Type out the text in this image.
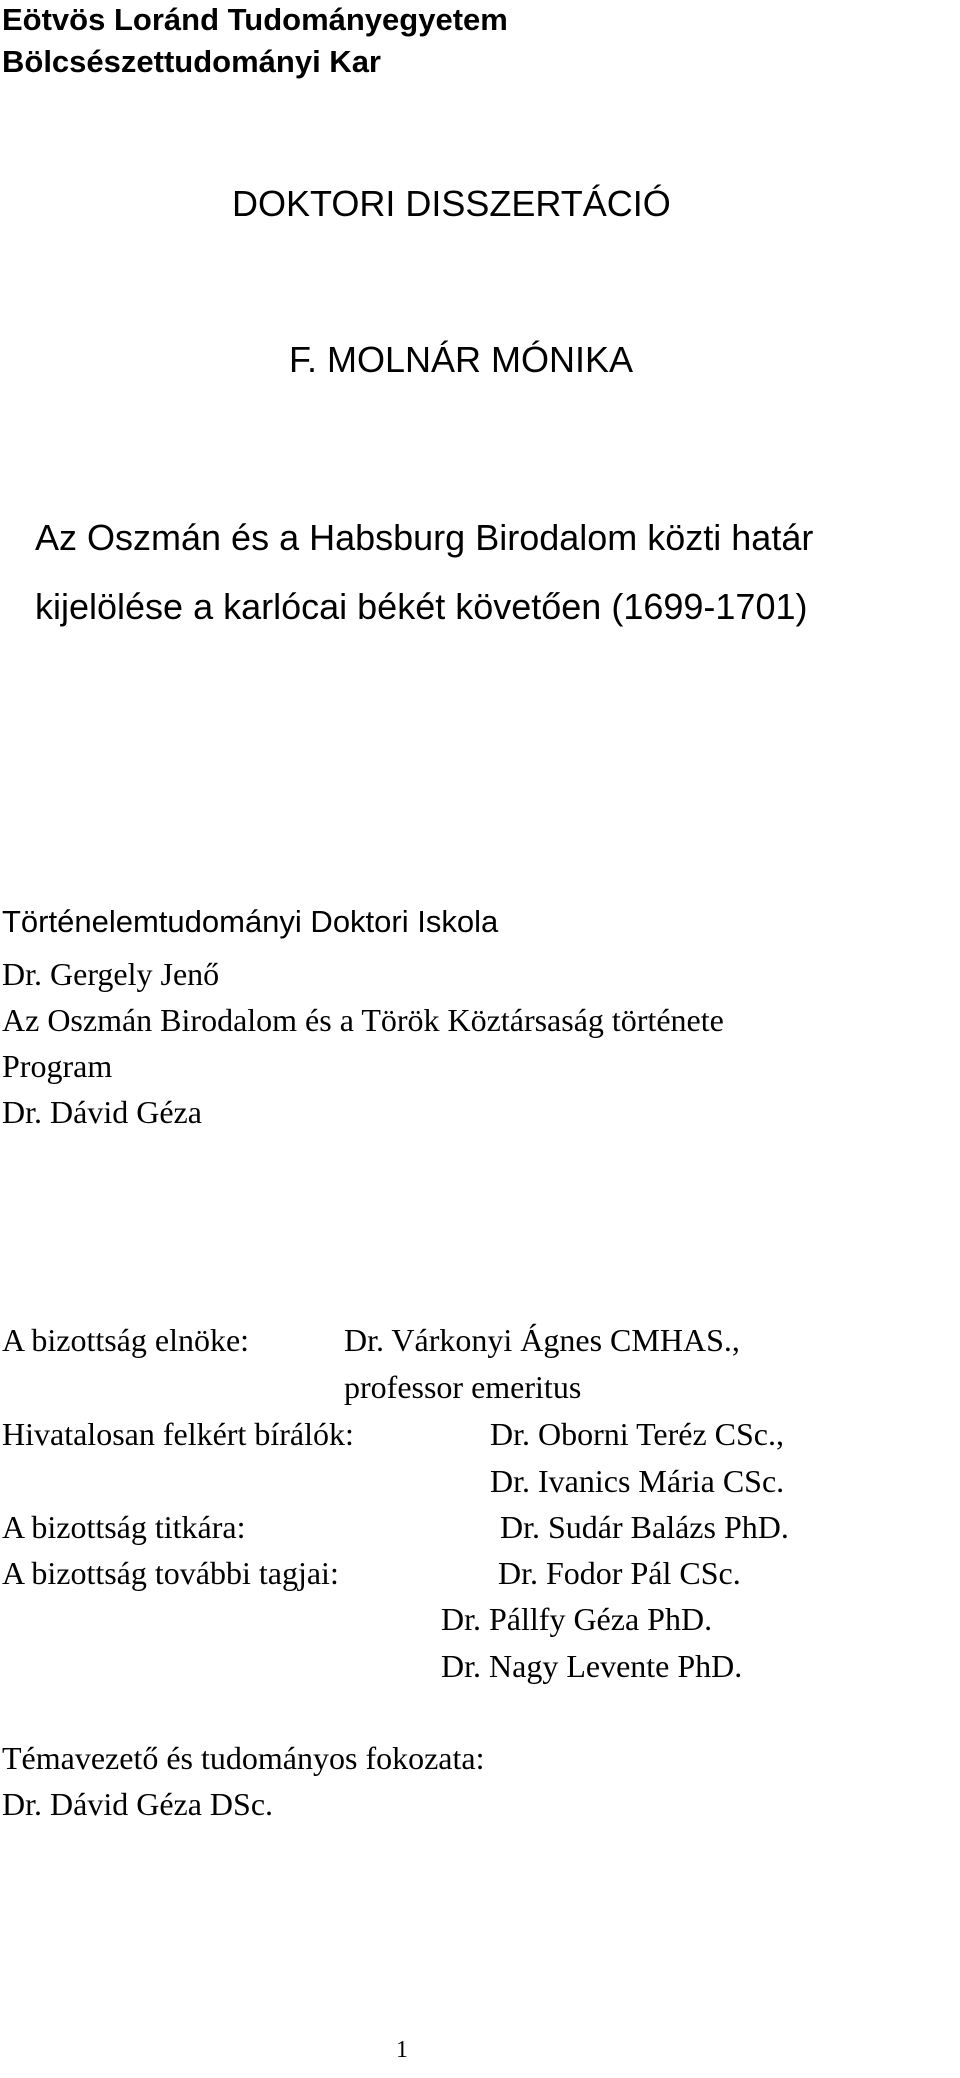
Eötvös Loránd Tudományegyetem

Bölcsészettudományi Kar

DOKTORI DISSZERTÁCIÓ

F. MOLNÁR MÓNIKA

Az Oszmán és a Habsburg Birodalom közti határ

kijelölése a karlócai békét követően (1699-1701)

Történelemtudományi Doktori Iskola

Dr. Gergely Jenő

Az Oszmán Birodalom és a Török Köztársaság története

Program

Dr. Dávid Géza

A bizottság elnöke:	Dr. Várkonyi Ágnes CMHAS.,

professor emeritus

Hivatalosan felkért bírálók:	Dr. Oborni Teréz CSc.,

Dr. Ivanics Mária CSc.

A bizottság titkára:	Dr. Sudár Balázs PhD.

A bizottság további tagjai:	Dr. Fodor Pál CSc.

Dr. Pállfy Géza PhD.

Dr. Nagy Levente PhD.

Témavezető és tudományos fokozata:

Dr. Dávid Géza DSc.

1
